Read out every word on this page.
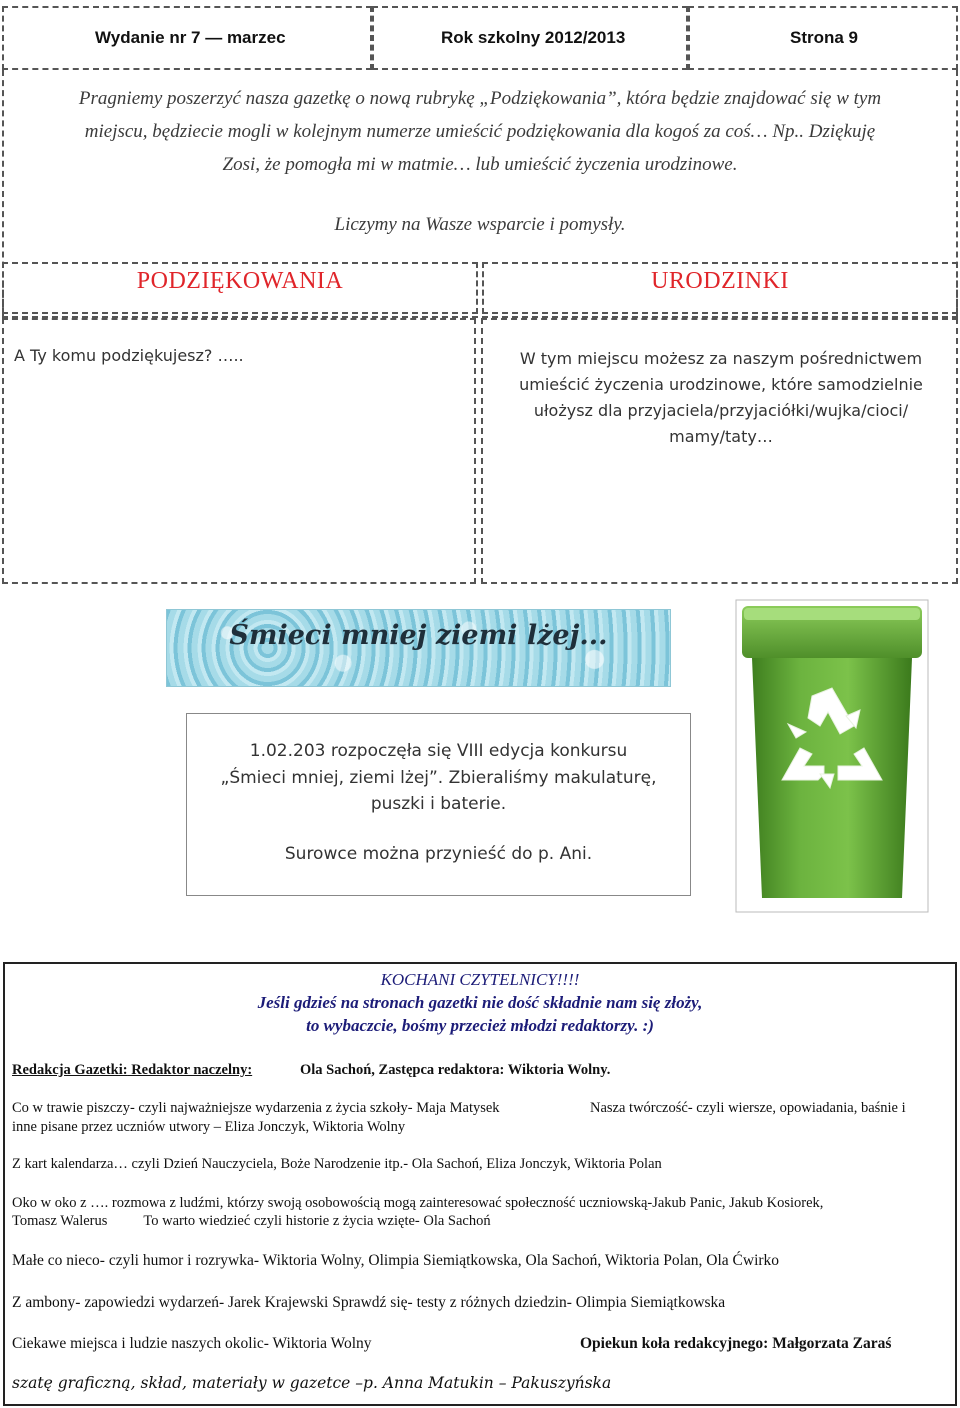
Wydanie nr 7 — marzec	Rok szkolny 2012/2013	Strona 9
Pragniemy poszerzyć nasza gazetkę o nową rubrykę „Podziękowania”, która będzie znajdować się w tym
miejscu, będziecie mogli w kolejnym numerze umieścić podziękowania dla kogoś za coś… Np.. Dziękuję
Zosi, że pomogła mi w matmie… lub umieścić życzenia urodzinowe.
Liczymy na Wasze wsparcie i pomysły.
PODZIĘKOWANIA	URODZINKI
A Ty komu podziękujesz? …..	W tym miejscu możesz za naszym pośrednictwem
umieścić życzenia urodzinowe, które samodzielnie
ułożysz dla przyjaciela/przyjaciółki/wujka/cioci/
mamy/taty…
Śmieci mniej ziemi lżej...
1.02.203 rozpoczęła się VIII edycja konkursu
„Śmieci mniej, ziemi lżej”. Zbieraliśmy makulaturę,
puszki i baterie.
Surowce można przynieść do p. Ani.
KOCHANI CZYTELNICY!!!!
Jeśli gdzieś na stronach gazetki nie dość składnie nam się złoży,
to wybaczcie, bośmy przecież młodzi redaktorzy. :)
Redakcja Gazetki: Redaktor naczelny:	Ola Sachoń, Zastępca redaktora: Wiktoria Wolny.
Co w trawie piszczy- czyli najważniejsze wydarzenia z życia szkoły- Maja Matysek	Nasza twórczość- czyli wiersze, opowiadania, baśnie i
inne pisane przez uczniów utwory – Eliza Jonczyk, Wiktoria Wolny
Z kart kalendarza… czyli Dzień Nauczyciela, Boże Narodzenie itp.- Ola Sachoń, Eliza Jonczyk, Wiktoria Polan
Oko w oko z …. rozmowa z ludźmi, którzy swoją osobowością mogą zainteresować społeczność uczniowską-Jakub Panic, Jakub Kosiorek,
Tomasz Walerus          To warto wiedzieć czyli historie z życia wzięte- Ola Sachoń
Małe co nieco- czyli humor i rozrywka- Wiktoria Wolny, Olimpia Siemiątkowska, Ola Sachoń, Wiktoria Polan, Ola Ćwirko
Z ambony- zapowiedzi wydarzeń- Jarek Krajewski Sprawdź się- testy z różnych dziedzin- Olimpia Siemiątkowska
Ciekawe miejsca i ludzie naszych okolic- Wiktoria Wolny	Opiekun koła redakcyjnego: Małgorzata Zaraś
szatę graficzną, skład, materiały w gazetce –p. Anna Matukin – Pakuszyńska
